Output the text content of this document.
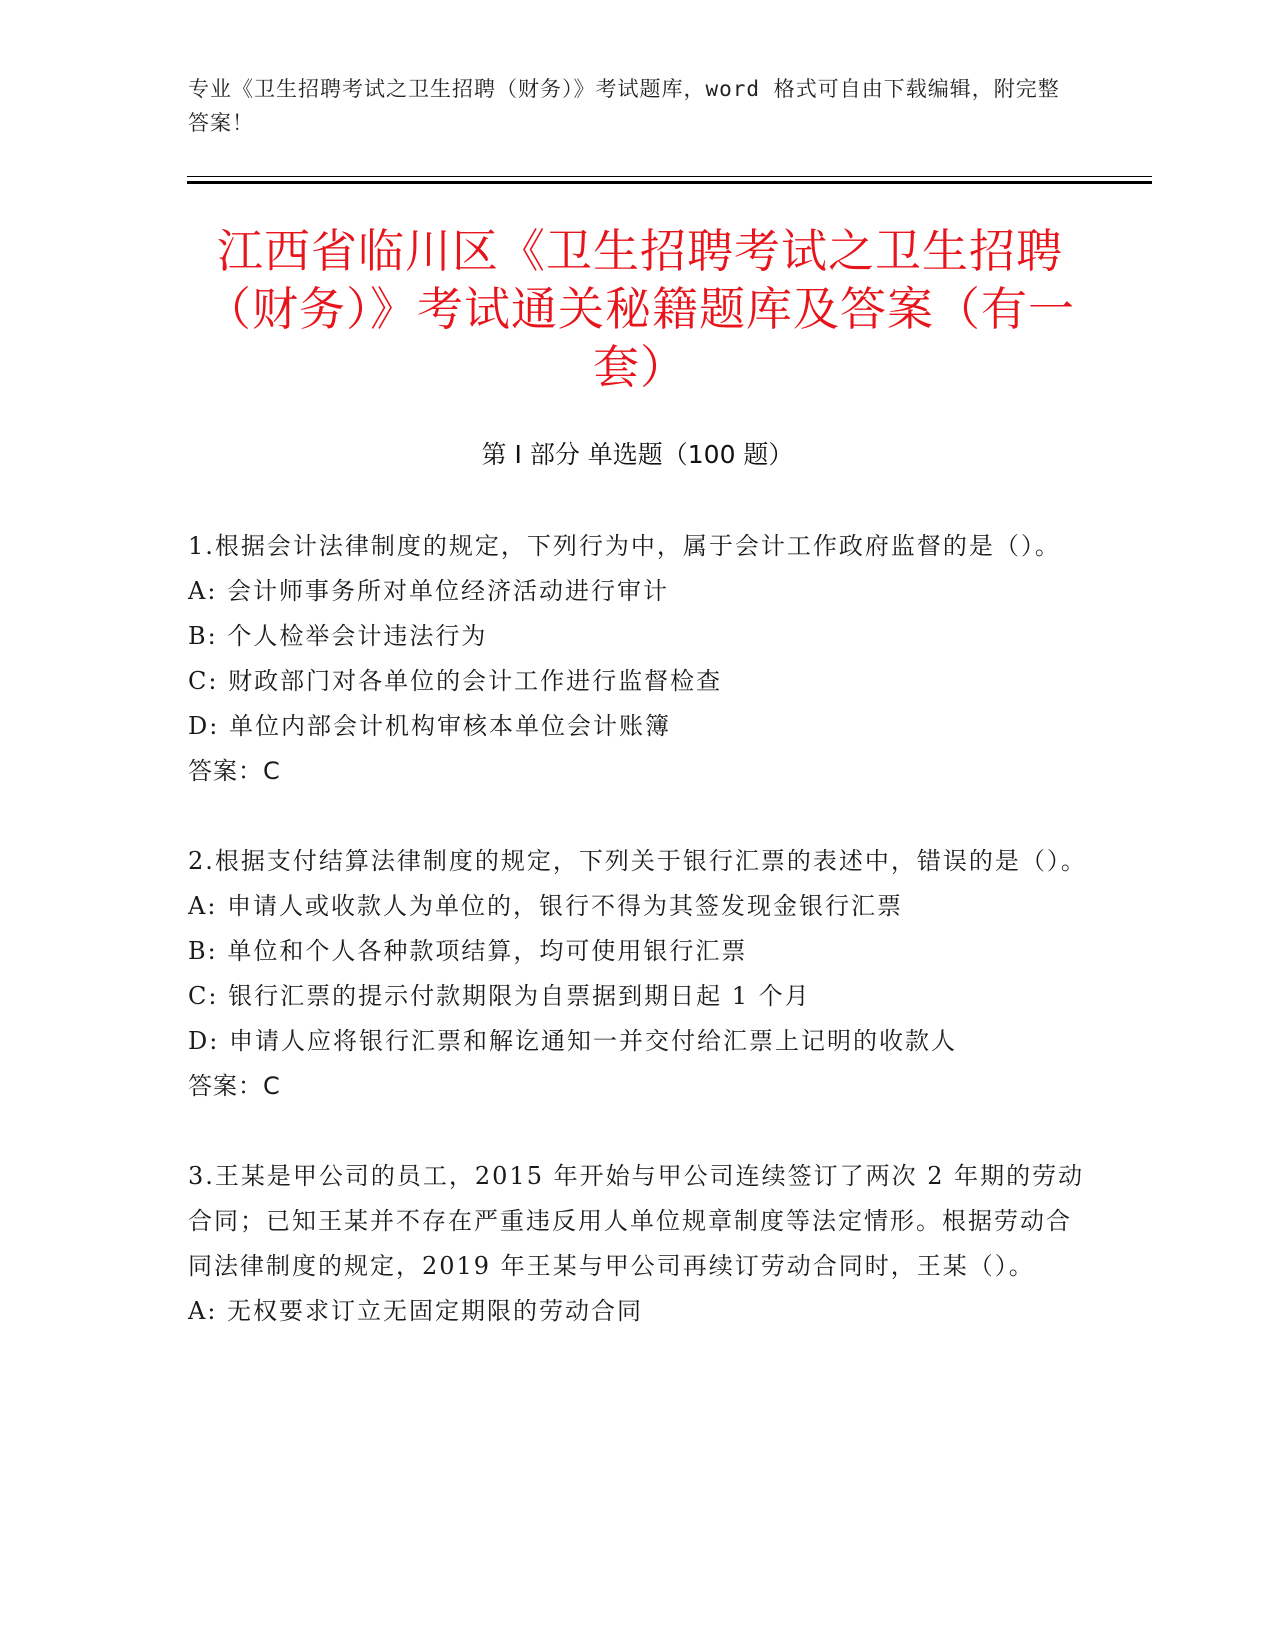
专业《卫生招聘考试之卫生招聘（财务）》考试题库，word 格式可自由下载编辑，附完整答案！
江西省临川区《卫生招聘考试之卫生招聘（财务）》考试通关秘籍题库及答案（有一套）
第 I 部分 单选题（100 题）

1.根据会计法律制度的规定，下列行为中，属于会计工作政府监督的是（）。

A: 会计师事务所对单位经济活动进行审计

B: 个人检举会计违法行为

C: 财政部门对各单位的会计工作进行监督检查

D: 单位内部会计机构审核本单位会计账簿

答案：C

2.根据支付结算法律制度的规定，下列关于银行汇票的表述中，错误的是（）。

A: 申请人或收款人为单位的，银行不得为其签发现金银行汇票

B: 单位和个人各种款项结算，均可使用银行汇票

C: 银行汇票的提示付款期限为自票据到期日起 1 个月

D: 申请人应将银行汇票和解讫通知一并交付给汇票上记明的收款人

答案：C

3.王某是甲公司的员工，2015 年开始与甲公司连续签订了两次 2 年期的劳动合同；已知王某并不存在严重违反用人单位规章制度等法定情形。根据劳动合同法律制度的规定，2019 年王某与甲公司再续订劳动合同时，王某（）。

A: 无权要求订立无固定期限的劳动合同
